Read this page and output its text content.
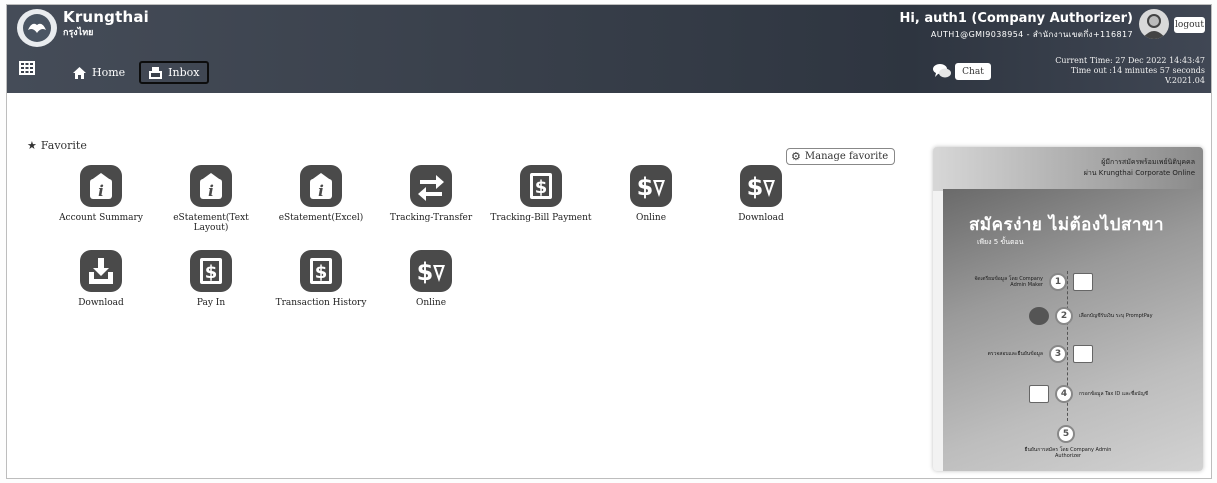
Krungthai
กรุงไทย
Home	Inbox
Hi, auth1 (Company Authorizer)
AUTH1@GMI9038954 - สำนักงานเขตกึ่ง+116817
logout
Chat
Current Time: 27 Dec 2022 14:43:47
Time out :14 minutes 57 seconds
V.2021.04
★ Favorite
⚙ Manage favorite
i
Account Summary
i
eStatement(Text Layout)
i
eStatement(Excel)	Tracking-Transfer
$
Tracking-Bill Payment
$
Online
$
Download
Download
$
Pay In
$
Transaction History
$
Online
ผู้มีการสมัครพร้อมเพย์นิติบุคคล
ผ่าน Krungthai Corporate Online
สมัครง่าย ไม่ต้องไปสาขา
เพียง 5 ขั้นตอน
จัดเตรียมข้อมูล โดย Company Admin Maker	1
2	เลือกบัญชีรับเงิน ระบุ PromptPay
ตรวจสอบและยืนยันข้อมูล	3
4	กรอกข้อมูล Tax ID และชื่อบัญชี
5
ยืนยันการสมัคร โดย Company Admin Authorizer
